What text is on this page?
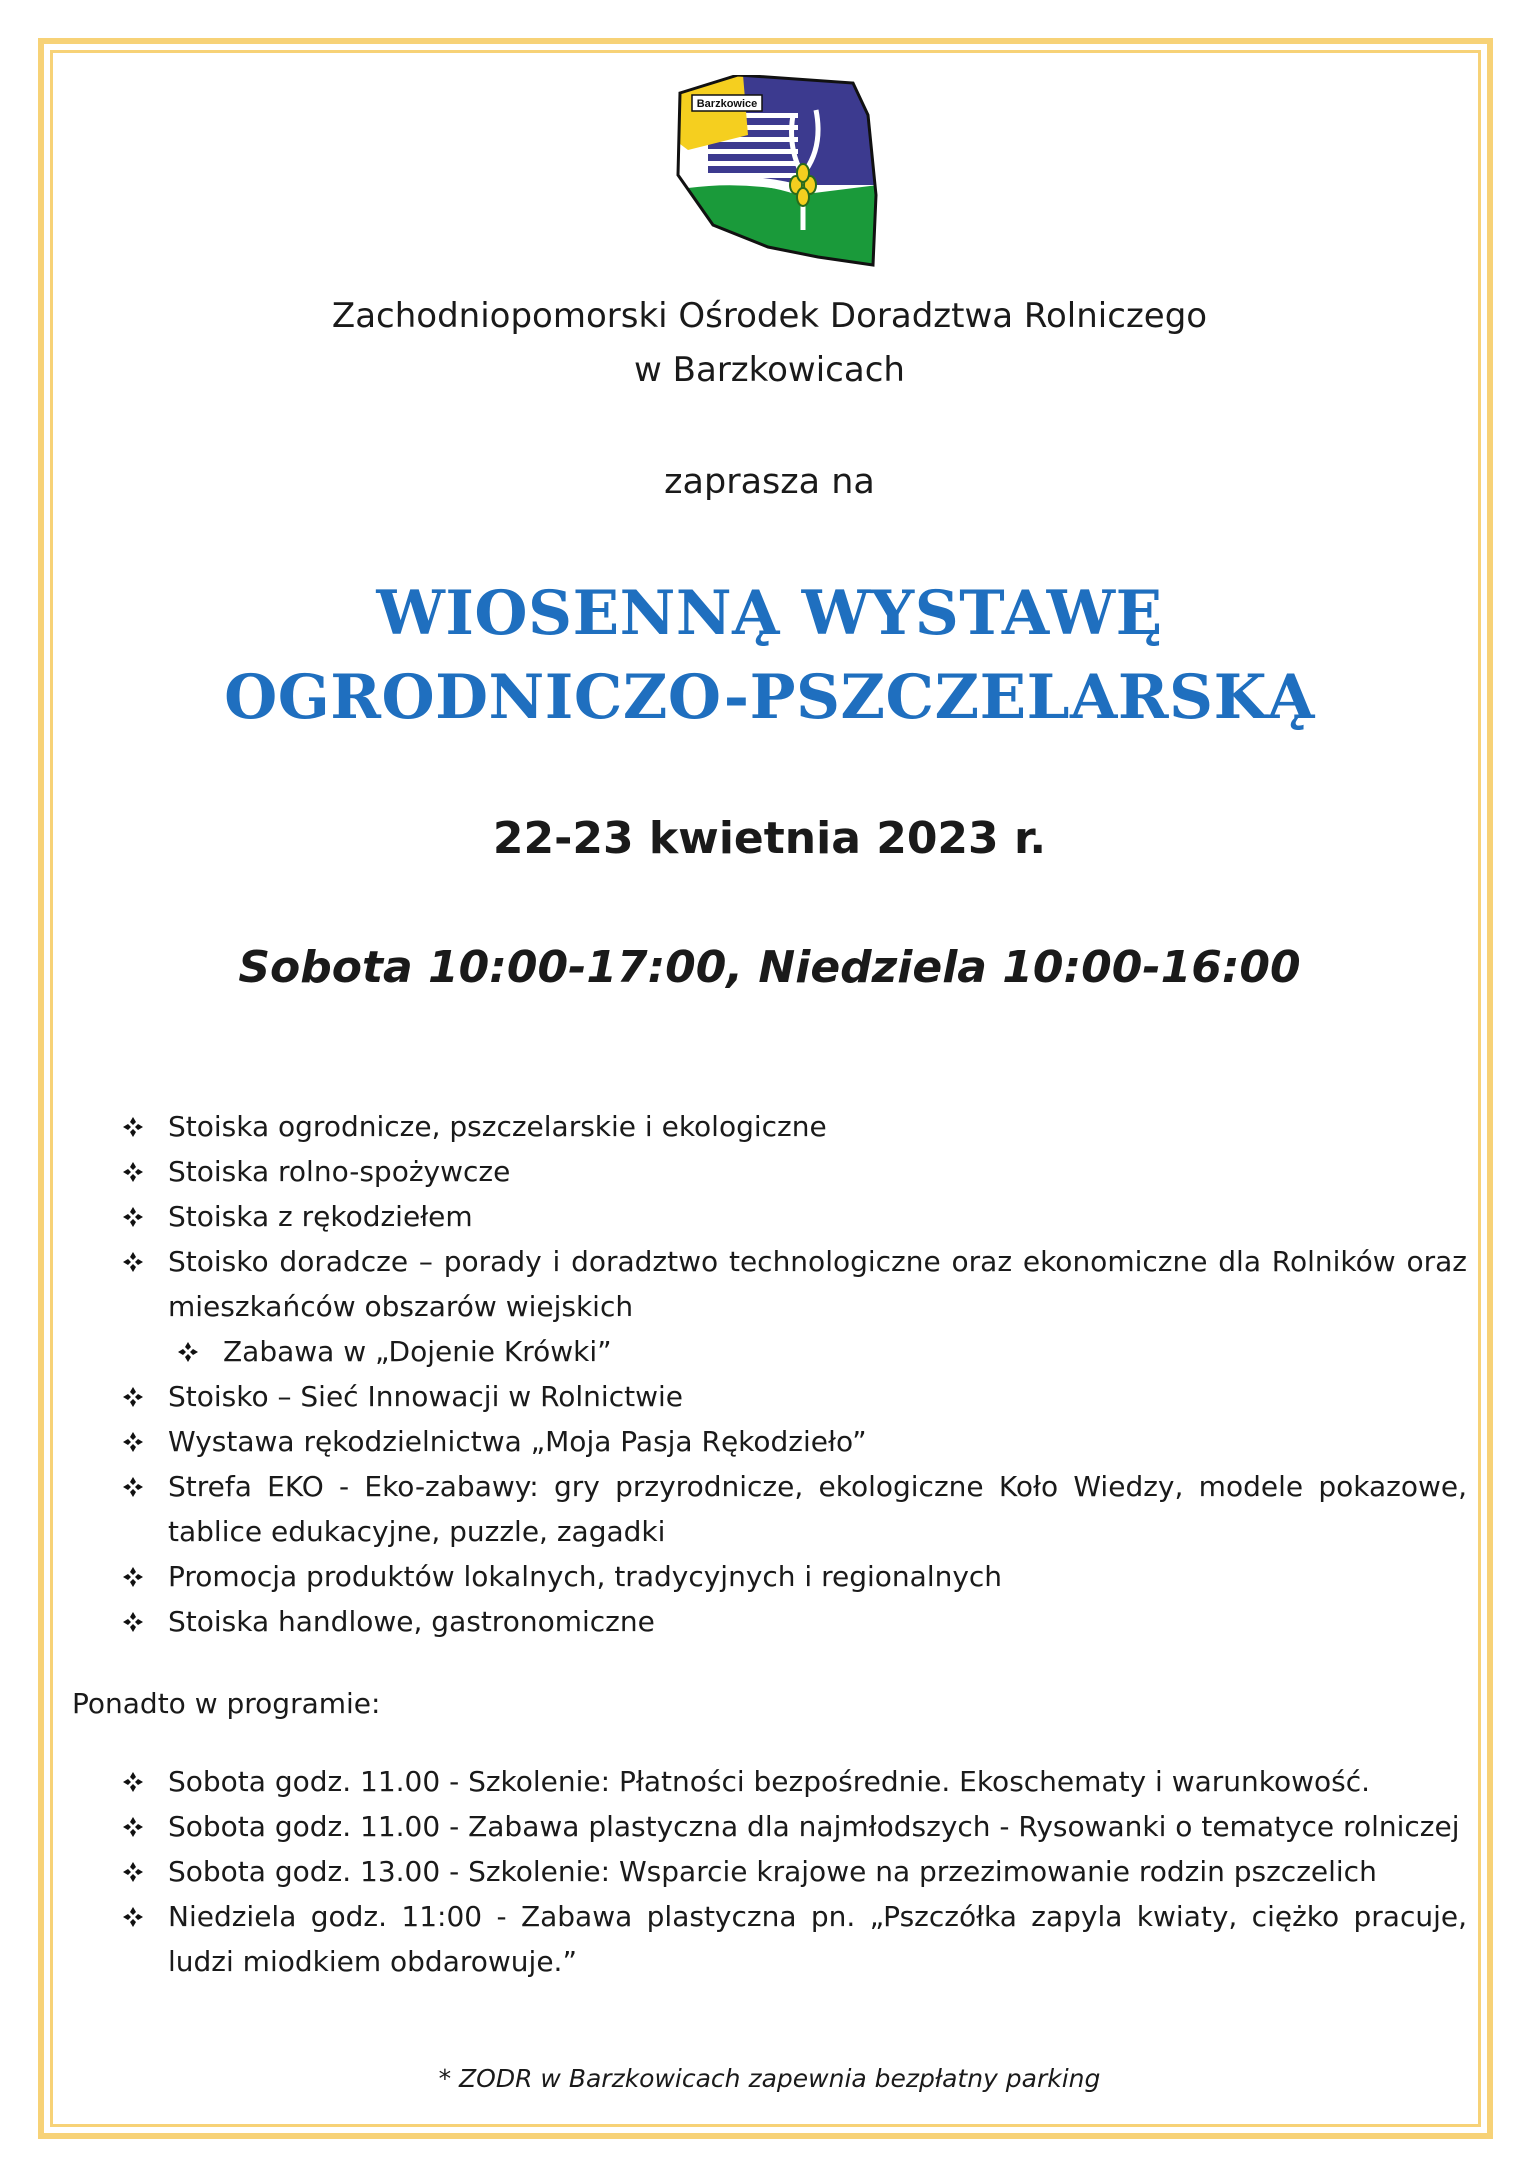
Barzkowice
Zachodniopomorski Ośrodek Doradztwa Rolniczego
w Barzkowicach
zaprasza na
WIOSENNĄ WYSTAWĘ
OGRODNICZO-PSZCZELARSKĄ
22-23 kwietnia 2023 r.
Sobota 10:00-17:00, Niedziela 10:00-16:00
Stoiska ogrodnicze, pszczelarskie i ekologiczne
Stoiska rolno-spożywcze
Stoiska z rękodziełem
Stoisko doradcze – porady i doradztwo technologiczne oraz ekonomiczne dla Rolników oraz mieszkańców obszarów wiejskich
Zabawa w „Dojenie Krówki”
Stoisko – Sieć Innowacji w Rolnictwie
Wystawa rękodzielnictwa „Moja Pasja Rękodzieło”
Strefa EKO - Eko-zabawy: gry przyrodnicze, ekologiczne Koło Wiedzy, modele pokazowe, tablice edukacyjne, puzzle, zagadki
Promocja produktów lokalnych, tradycyjnych i regionalnych
Stoiska handlowe, gastronomiczne
Ponadto w programie:
Sobota godz. 11.00 - Szkolenie: Płatności bezpośrednie. Ekoschematy i warunkowość.
Sobota godz. 11.00 - Zabawa plastyczna dla najmłodszych - Rysowanki o tematyce rolniczej
Sobota godz. 13.00 - Szkolenie: Wsparcie krajowe na przezimowanie rodzin pszczelich
Niedziela godz. 11:00 - Zabawa plastyczna pn. „Pszczółka zapyla kwiaty, ciężko pracuje, ludzi miodkiem obdarowuje.”
* ZODR w Barzkowicach zapewnia bezpłatny parking
